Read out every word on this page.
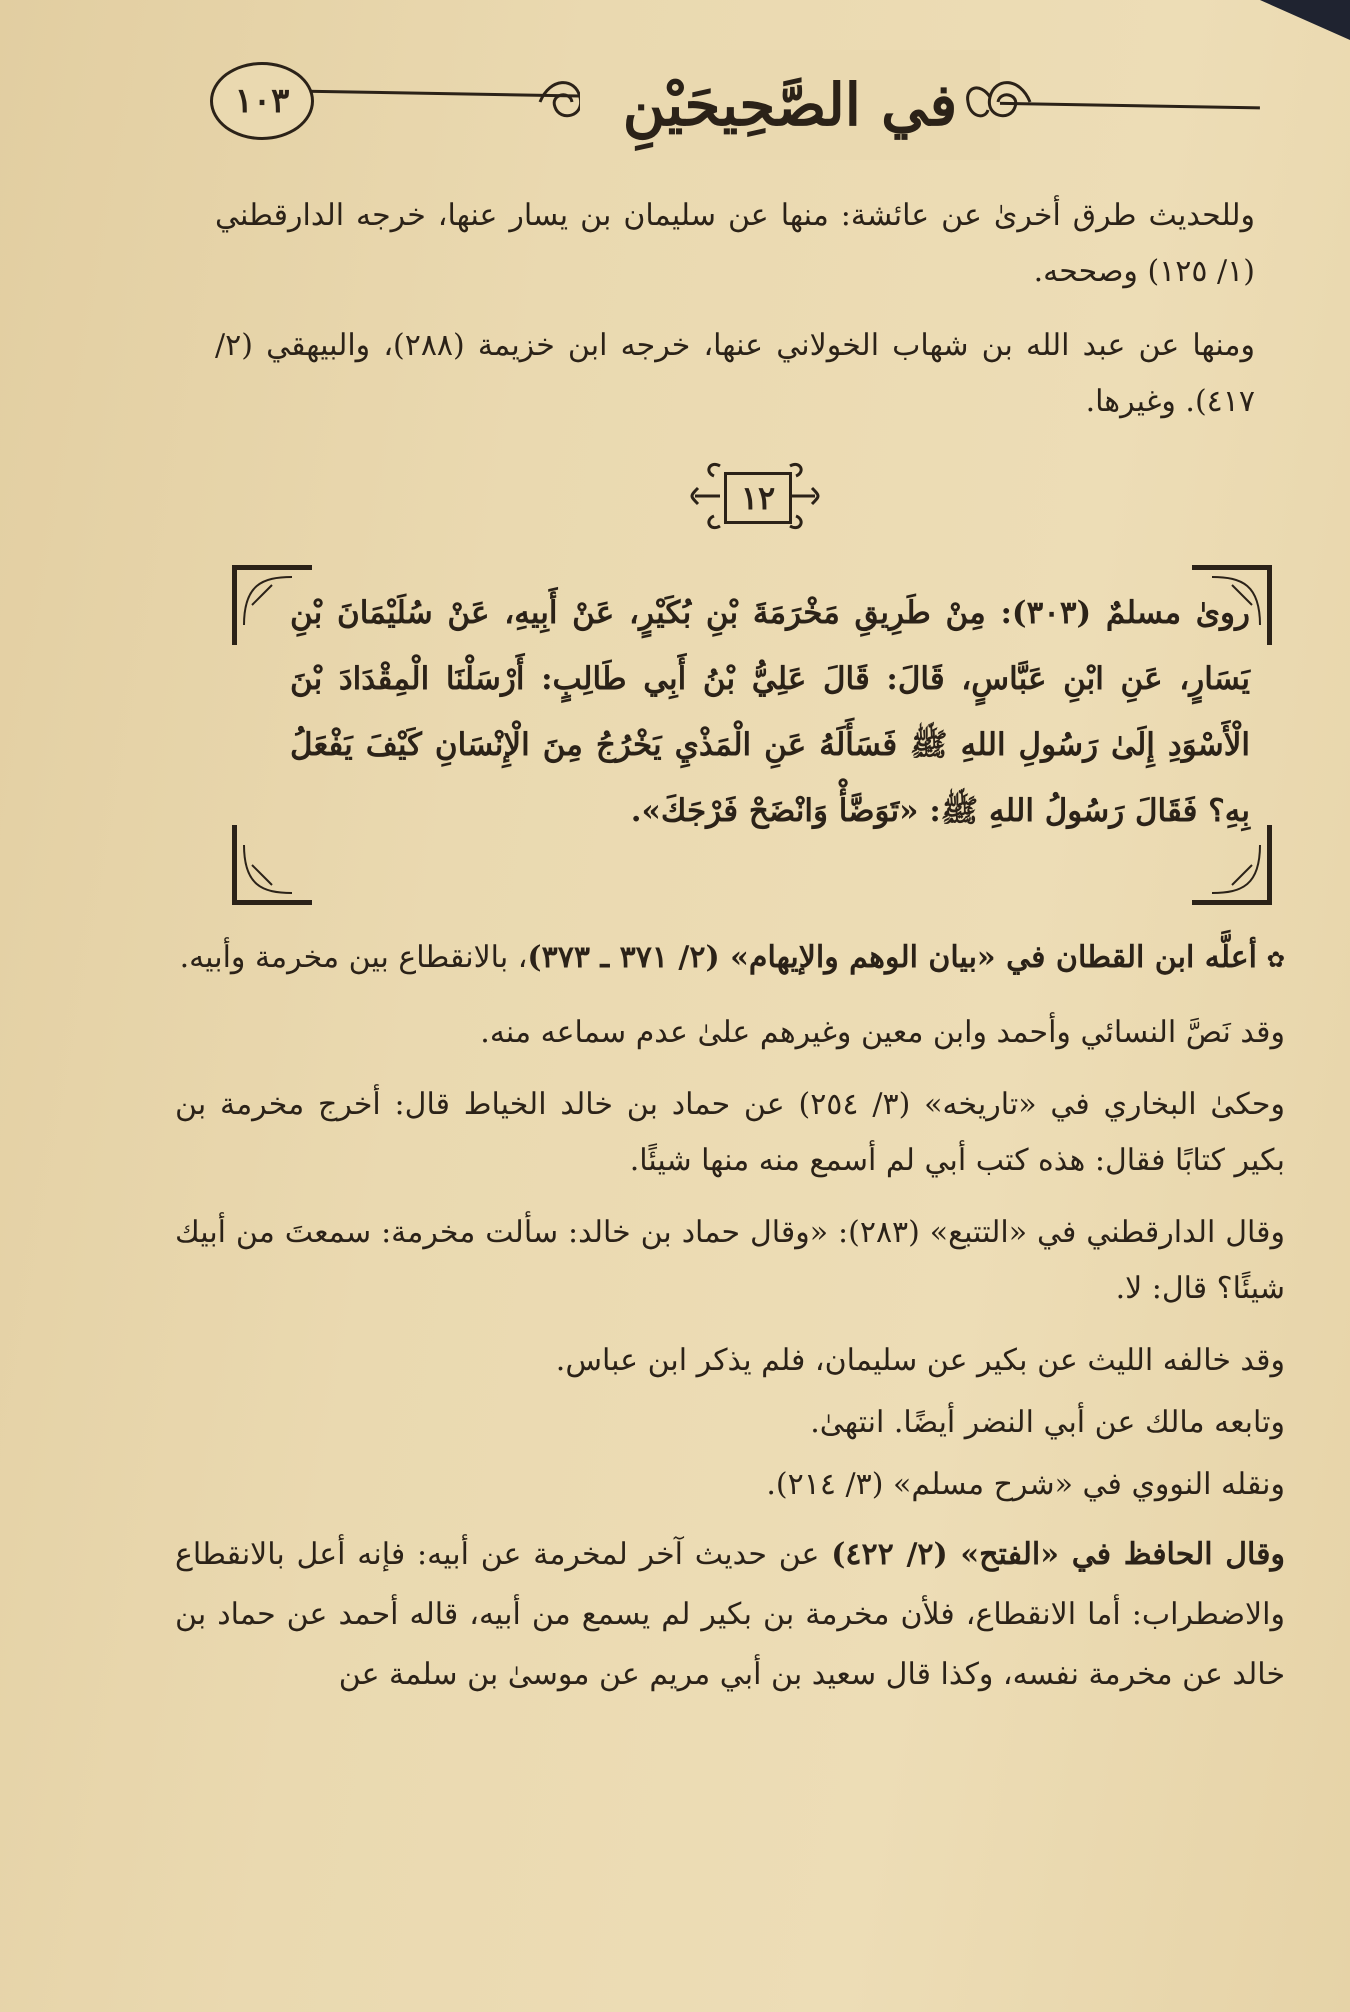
١٠٣	في الصَّحِيحَيْنِ

وللحديث طرق أخرىٰ عن عائشة: منها عن سليمان بن يسار عنها، خرجه الدارقطني (١/ ١٢٥) وصححه.

ومنها عن عبد الله بن شهاب الخولاني عنها، خرجه ابن خزيمة (٢٨٨)، والبيهقي (٢/ ٤١٧). وغيرها.

١٢
روىٰ مسلمٌ (٣٠٣): مِنْ طَرِيقِ مَخْرَمَةَ بْنِ بُكَيْرٍ، عَنْ أَبِيهِ، عَنْ سُلَيْمَانَ بْنِ يَسَارٍ، عَنِ ابْنِ عَبَّاسٍ، قَالَ: قَالَ عَلِيُّ بْنُ أَبِي طَالِبٍ: أَرْسَلْنَا الْمِقْدَادَ بْنَ الْأَسْوَدِ إِلَىٰ رَسُولِ اللهِ ﷺ فَسَأَلَهُ عَنِ الْمَذْيِ يَخْرُجُ مِنَ الْإِنْسَانِ كَيْفَ يَفْعَلُ بِهِ؟ فَقَالَ رَسُولُ اللهِ ﷺ: «تَوَضَّأْ وَانْضَحْ فَرْجَكَ».

✿ أعلَّه ابن القطان في «بيان الوهم والإيهام» (٢/ ٣٧١ ـ ٣٧٣)، بالانقطاع بين مخرمة وأبيه.

وقد نَصَّ النسائي وأحمد وابن معين وغيرهم علىٰ عدم سماعه منه.

وحكىٰ البخاري في «تاريخه» (٣/ ٢٥٤) عن حماد بن خالد الخياط قال: أخرج مخرمة بن بكير كتابًا فقال: هذه كتب أبي لم أسمع منه منها شيئًا.

وقال الدارقطني في «التتبع» (٢٨٣): «وقال حماد بن خالد: سألت مخرمة: سمعتَ من أبيك شيئًا؟ قال: لا.

وقد خالفه الليث عن بكير عن سليمان، فلم يذكر ابن عباس.

وتابعه مالك عن أبي النضر أيضًا. انتهىٰ.

ونقله النووي في «شرح مسلم» (٣/ ٢١٤).

وقال الحافظ في «الفتح» (٢/ ٤٢٢) عن حديث آخر لمخرمة عن أبيه: فإنه أعل بالانقطاع والاضطراب: أما الانقطاع، فلأن مخرمة بن بكير لم يسمع من أبيه، قاله أحمد عن حماد بن خالد عن مخرمة نفسه، وكذا قال سعيد بن أبي مريم عن موسىٰ بن سلمة عن
